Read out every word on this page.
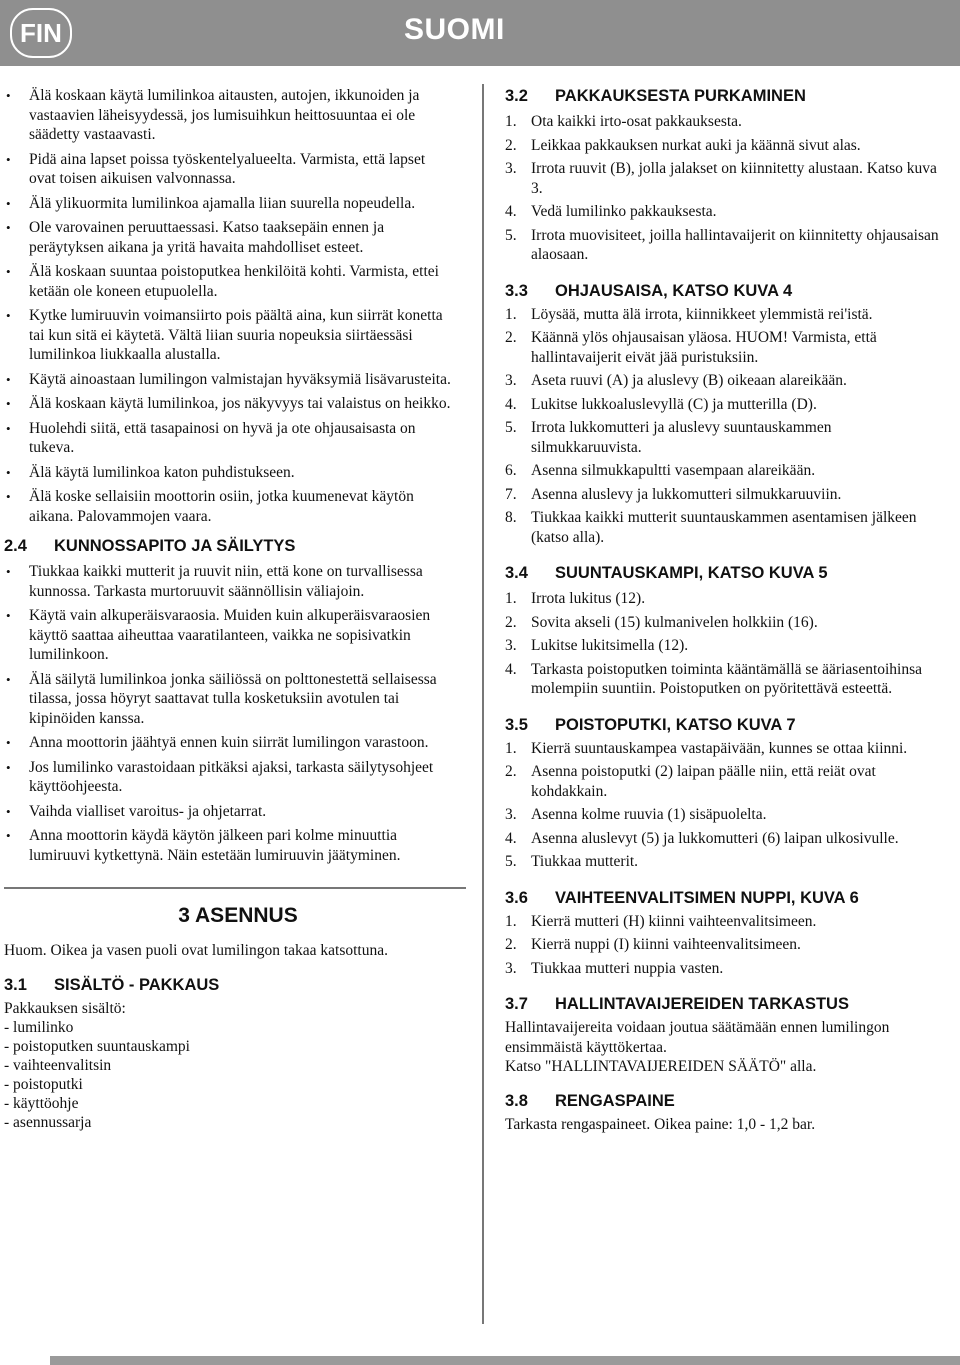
FIN	SUOMI
• Älä koskaan käytä lumilinkoa aitausten, autojen, ikkunoiden ja vastaavien läheisyydessä, jos lumisuihkun heittosuuntaa ei ole säädetty vastaavasti.
• Pidä aina lapset poissa työskentelyalueelta. Varmista, että lapset ovat toisen aikuisen valvonnassa.
• Älä ylikuormita lumilinkoa ajamalla liian suurella nopeudella.
• Ole varovainen peruuttaessasi. Katso taaksepäin ennen ja peräytyksen aikana ja yritä havaita mahdolliset esteet.
• Älä koskaan suuntaa poistoputkea henkilöitä kohti. Varmista, ettei ketään ole koneen etupuolella.
• Kytke lumiruuvin voimansiirto pois päältä aina, kun siirrät konetta tai kun sitä ei käytetä. Vältä liian suuria nopeuksia siirtäessäsi lumilinkoa liukkaalla alustalla.
• Käytä ainoastaan lumilingon valmistajan hyväksymiä lisävarusteita.
• Älä koskaan käytä lumilinkoa, jos näkyvyys tai valaistus on heikko.
• Huolehdi siitä, että tasapainosi on hyvä ja ote ohjausaisasta on tukeva.
• Älä käytä lumilinkoa katon puhdistukseen.
• Älä koske sellaisiin moottorin osiin, jotka kuumenevat käytön aikana. Palovammojen vaara.
2.4 KUNNOSSAPITO JA SÄILYTYS
• Tiukkaa kaikki mutterit ja ruuvit niin, että kone on turvallisessa kunnossa. Tarkasta murtoruuvit säännöllisin väliajoin.
• Käytä vain alkuperäisvaraosia. Muiden kuin alkuperäisvaraosien käyttö saattaa aiheuttaa vaaratilanteen, vaikka ne sopisivatkin lumilinkoon.
• Älä säilytä lumilinkoa jonka säiliössä on polttonestettä sellaisessa tilassa, jossa höyryt saattavat tulla kosketuksiin avotulen tai kipinöiden kanssa.
• Anna moottorin jäähtyä ennen kuin siirrät lumilingon varastoon.
• Jos lumilinko varastoidaan pitkäksi ajaksi, tarkasta säilytysohjeet käyttöohjeesta.
• Vaihda vialliset varoitus- ja ohjetarrat.
• Anna moottorin käydä käytön jälkeen pari kolme minuuttia lumiruuvi kytkettynä. Näin estetään lumiruuvin jäätyminen.
3 ASENNUS

Huom. Oikea ja vasen puoli ovat lumilingon takaa katsottuna.

3.1 SISÄLTÖ - PAKKAUS

Pakkauksen sisältö:

- lumilinko
- poistoputken suuntauskampi
- vaihteenvalitsin
- poistoputki
- käyttöohje
- asennussarja
3.2 PAKKAUKSESTA PURKAMINEN
1. Ota kaikki irto-osat pakkauksesta.
2. Leikkaa pakkauksen nurkat auki ja käännä sivut alas.
3. Irrota ruuvit (B), jolla jalakset on kiinnitetty alustaan. Katso kuva 3.
4. Vedä lumilinko pakkauksesta.
5. Irrota muovisiteet, joilla hallintavaijerit on kiinnitetty ohjausaisan alaosaan.
3.3 OHJAUSAISA, KATSO KUVA 4
1. Löysää, mutta älä irrota, kiinnikkeet ylemmistä rei'istä.
2. Käännä ylös ohjausaisan yläosa. HUOM! Varmista, että hallintavaijerit eivät jää puristuksiin.
3. Aseta ruuvi (A) ja aluslevy (B) oikeaan alareikään.
4. Lukitse lukkoaluslevyllä (C) ja mutterilla (D).
5. Irrota lukkomutteri ja aluslevy suuntauskammen silmukkaruuvista.
6. Asenna silmukkapultti vasempaan alareikään.
7. Asenna aluslevy ja lukkomutteri silmukkaruuviin.
8. Tiukkaa kaikki mutterit suuntauskammen asentamisen jälkeen (katso alla).
3.4 SUUNTAUSKAMPI, KATSO KUVA 5
1. Irrota lukitus (12).
2. Sovita akseli (15) kulmanivelen holkkiin (16).
3. Lukitse lukitsimella (12).
4. Tarkasta poistoputken toiminta kääntämällä se ääriasentoihinsa molempiin suuntiin. Poistoputken on pyöritettävä esteettä.
3.5 POISTOPUTKI, KATSO KUVA 7
1. Kierrä suuntauskampea vastapäivään, kunnes se ottaa kiinni.
2. Asenna poistoputki (2) laipan päälle niin, että reiät ovat kohdakkain.
3. Asenna kolme ruuvia (1) sisäpuolelta.
4. Asenna aluslevyt (5) ja lukkomutteri (6) laipan ulkosivulle.
5. Tiukkaa mutterit.
3.6 VAIHTEENVALITSIMEN NUPPI, KUVA 6
1. Kierrä mutteri (H) kiinni vaihteenvalitsimeen.
2. Kierrä nuppi (I) kiinni vaihteenvalitsimeen.
3. Tiukkaa mutteri nuppia vasten.
3.7 HALLINTAVAIJEREIDEN TARKASTUS

Hallintavaijereita voidaan joutua säätämään ennen lumilingon ensimmäistä käyttökertaa.

Katso "HALLINTAVAIJEREIDEN SÄÄTÖ" alla.

3.8 RENGASPAINE

Tarkasta rengaspaineet. Oikea paine: 1,0 - 1,2 bar.
